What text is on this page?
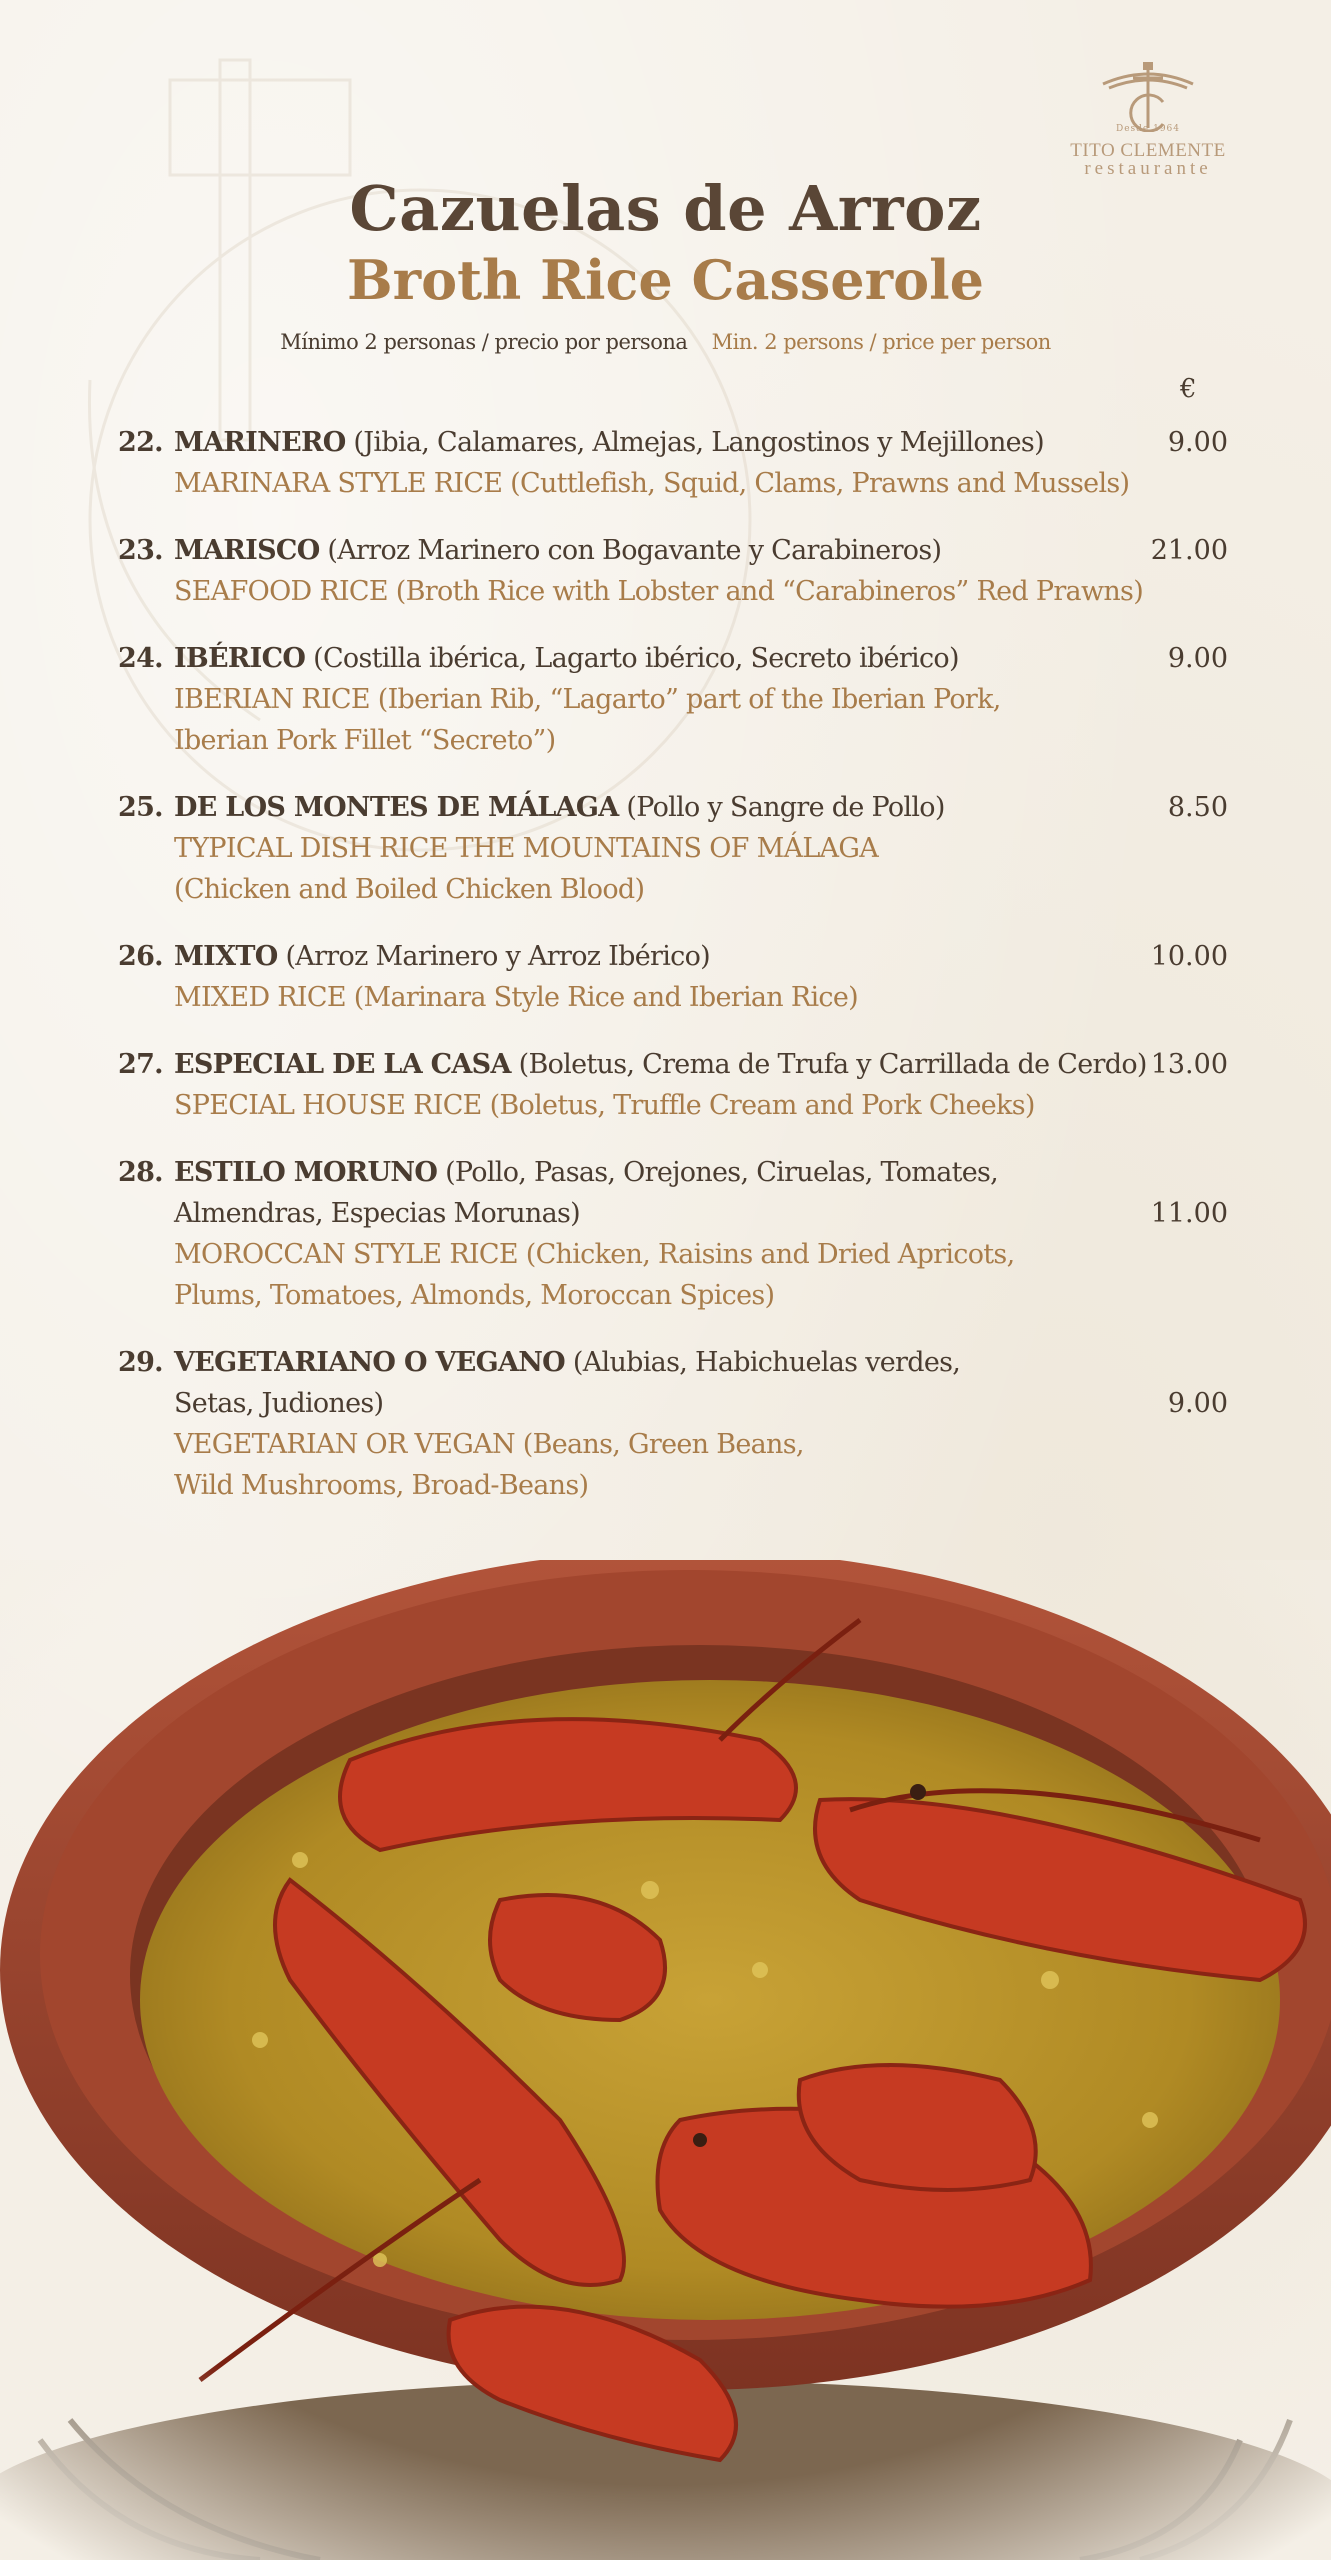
Desde 1964
TITO CLEMENTE
restaurante
Cazuelas de Arroz
Broth Rice Casserole
Mínimo 2 personas / precio por persona Min. 2 persons / price per person
€
22. MARINERO (Jibia, Calamares, Almejas, Langostinos y Mejillones)
MARINARA STYLE RICE (Cuttlefish, Squid, Clams, Prawns and Mussels)
9.00
23. MARISCO (Arroz Marinero con Bogavante y Carabineros)
SEAFOOD RICE (Broth Rice with Lobster and “Carabineros” Red Prawns)
21.00
24. IBÉRICO (Costilla ibérica, Lagarto ibérico, Secreto ibérico)
IBERIAN RICE (Iberian Rib, “Lagarto” part of the Iberian Pork,
Iberian Pork Fillet “Secreto”)
9.00
25. DE LOS MONTES DE MÁLAGA (Pollo y Sangre de Pollo)
TYPICAL DISH RICE THE MOUNTAINS OF MÁLAGA
(Chicken and Boiled Chicken Blood)
8.50
26. MIXTO (Arroz Marinero y Arroz Ibérico)
MIXED RICE (Marinara Style Rice and Iberian Rice)
10.00
27. ESPECIAL DE LA CASA (Boletus, Crema de Trufa y Carrillada de Cerdo)
SPECIAL HOUSE RICE (Boletus, Truffle Cream and Pork Cheeks)
13.00
28. ESTILO MORUNO (Pollo, Pasas, Orejones, Ciruelas, Tomates,
Almendras, Especias Morunas)
MOROCCAN STYLE RICE (Chicken, Raisins and Dried Apricots,
Plums, Tomatoes, Almonds, Moroccan Spices)
11.00
29. VEGETARIANO O VEGANO (Alubias, Habichuelas verdes,
Setas, Judiones)
VEGETARIAN OR VEGAN (Beans, Green Beans,
Wild Mushrooms, Broad-Beans)
9.00
